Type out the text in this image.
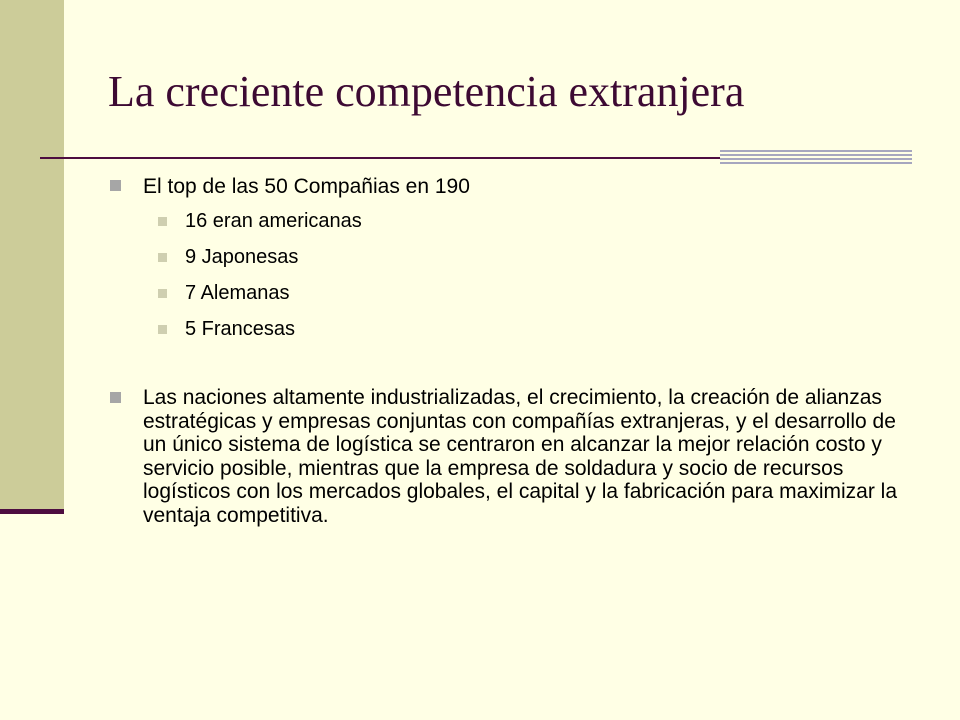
La creciente competencia extranjera
El top de las 50 Compañias en 190
16 eran americanas
9 Japonesas
7 Alemanas
5 Francesas
Las naciones altamente industrializadas, el crecimiento, la creación de alianzas estratégicas y empresas conjuntas con compañías extranjeras, y el desarrollo de un único sistema de logística se centraron en alcanzar la mejor relación costo y servicio posible, mientras que la empresa de soldadura y socio de recursos logísticos con los mercados globales, el capital y la fabricación para maximizar la ventaja competitiva.
